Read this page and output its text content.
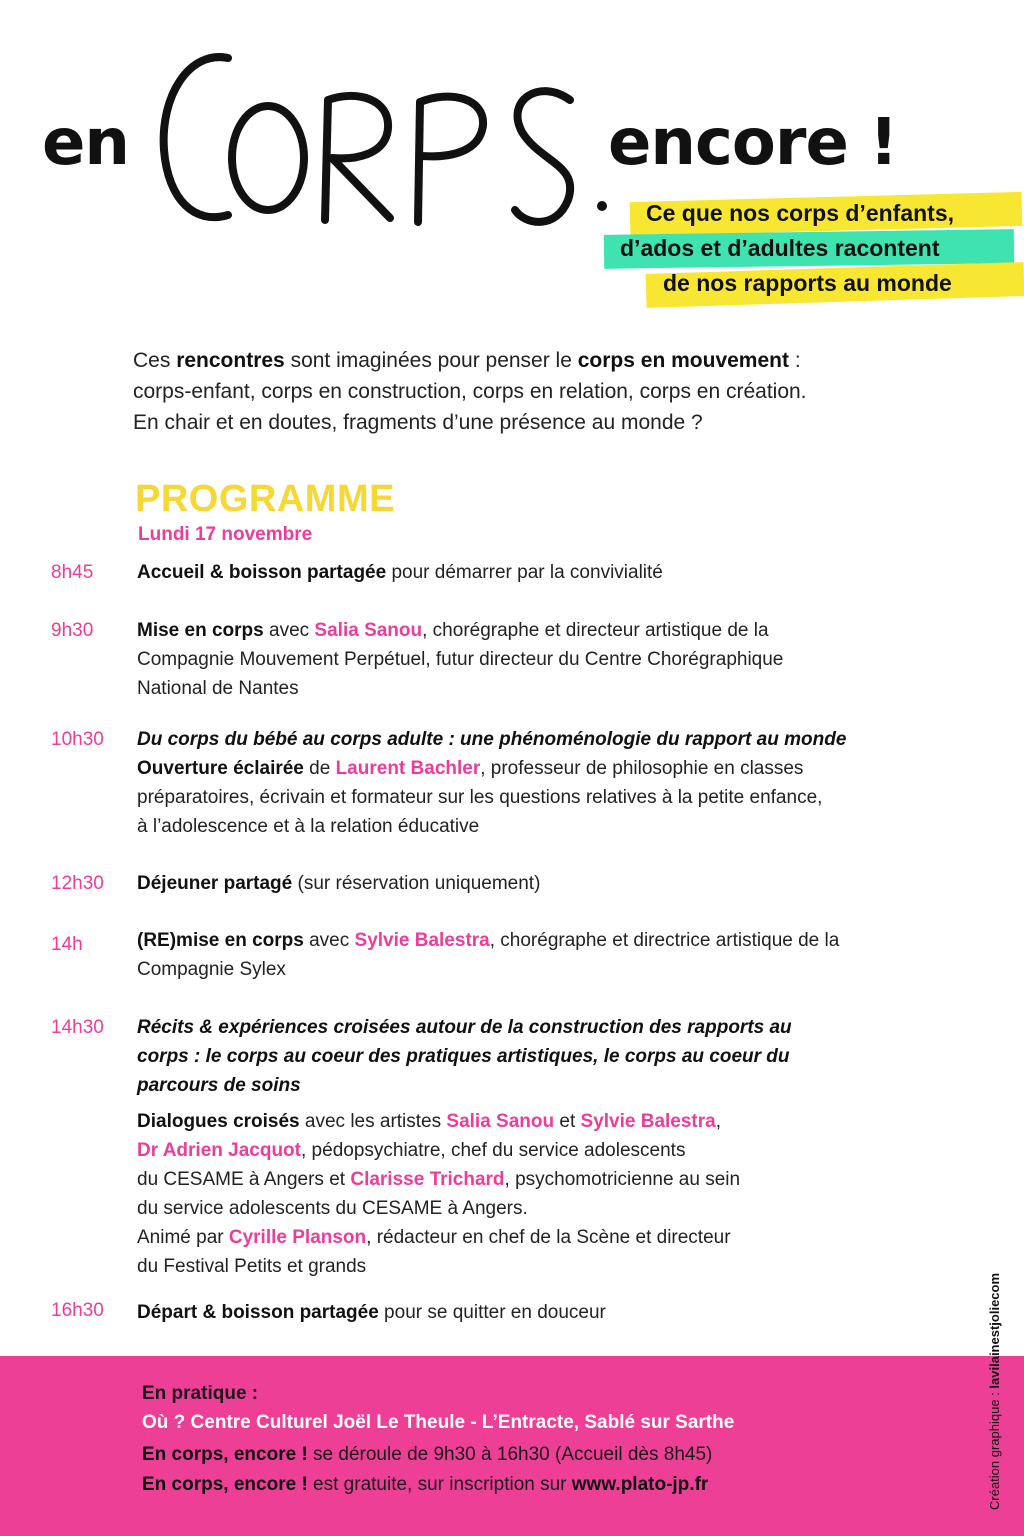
en	encore !
Ce que nos corps d’enfants,
d’ados et d’adultes racontent
de nos rapports au monde
Ces rencontres sont imaginées pour penser le corps en mouvement :
corps-enfant, corps en construction, corps en relation, corps en création.
En chair et en doutes, fragments d’une présence au monde ?
PROGRAMME
Lundi 17 novembre
8h45 Accueil & boisson partagée pour démarrer par la convivialité
9h30 Mise en corps avec Salia Sanou, chorégraphe et directeur artistique de la
Compagnie Mouvement Perpétuel, futur directeur du Centre Chorégraphique
National de Nantes
10h30 Du corps du bébé au corps adulte : une phénoménologie du rapport au monde
Ouverture éclairée de Laurent Bachler, professeur de philosophie en classes
préparatoires, écrivain et formateur sur les questions relatives à la petite enfance,
à l’adolescence et à la relation éducative
12h30 Déjeuner partagé (sur réservation uniquement)
14h	(RE)mise en corps avec Sylvie Balestra, chorégraphe et directrice artistique de la
Compagnie Sylex
14h30 Récits & expériences croisées autour de la construction des rapports au
corps : le corps au coeur des pratiques artistiques, le corps au coeur du
parcours de soins
Dialogues croisés avec les artistes Salia Sanou et Sylvie Balestra,
Dr Adrien Jacquot, pédopsychiatre, chef du service adolescents
du CESAME à Angers et Clarisse Trichard, psychomotricienne au sein
du service adolescents du CESAME à Angers.
Animé par Cyrille Planson, rédacteur en chef de la Scène et directeur
du Festival Petits et grands
16h30 Départ & boisson partagée pour se quitter en douceur
En pratique :
Où ? Centre Culturel Joël Le Theule - L’Entracte, Sablé sur Sarthe
En corps, encore ! se déroule de 9h30 à 16h30 (Accueil dès 8h45)
En corps, encore ! est gratuite, sur inscription sur www.plato-jp.fr	Création graphique : lavilainestjoliecom
